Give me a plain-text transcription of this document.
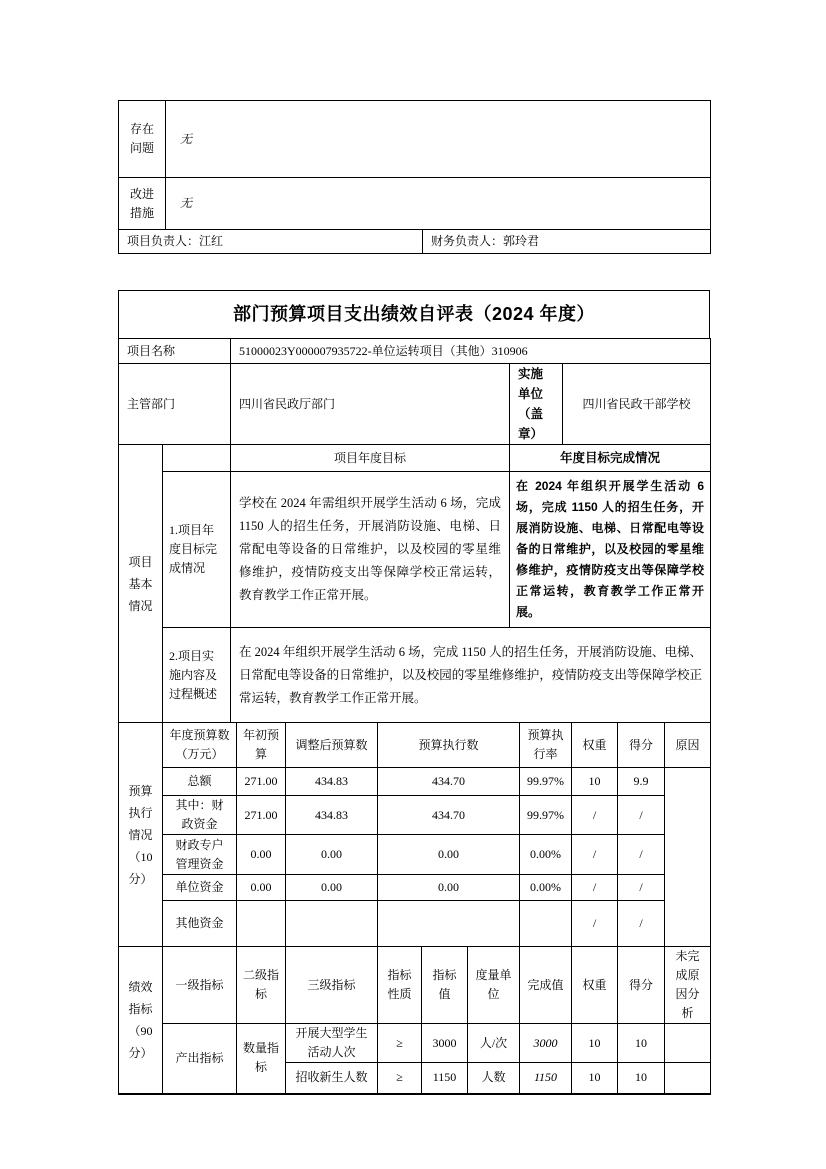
存在问题	无
改进措施	无
项目负责人：江红	财务负责人：郭玲君
部门预算项目支出绩效自评表（2024 年度）
项目名称	51000023Y000007935722-单位运转项目（其他）310906
主管部门	四川省民政厅部门	实施单位（盖章）	四川省民政干部学校
项目基本情况		项目年度目标	年度目标完成情况
	1.项目年度目标完成情况	学校在 2024 年需组织开展学生活动 6 场，完成 1150 人的招生任务，开展消防设施、电梯、日常配电等设备的日常维护，以及校园的零星维修维护，疫情防疫支出等保障学校正常运转，教育教学工作正常开展。	在 2024 年组织开展学生活动 6 场，完成 1150 人的招生任务，开展消防设施、电梯、日常配电等设备的日常维护，以及校园的零星维修维护，疫情防疫支出等保障学校正常运转，教育教学工作正常开展。
	2.项目实施内容及过程概述	在 2024 年组织开展学生活动 6 场，完成 1150 人的招生任务，开展消防设施、电梯、日常配电等设备的日常维护，以及校园的零星维修维护，疫情防疫支出等保障学校正常运转，教育教学工作正常开展。	
预算执行情况（10分）	年度预算数（万元）	年初预算	调整后预算数	预算执行数	预算执行率	权重	得分	原因
	总额	271.00	434.83	434.70	99.97%	10	9.9	
	其中：财政资金	271.00	434.83	434.70	99.97%	/	/	
	财政专户管理资金	0.00	0.00	0.00	0.00%	/	/	
	单位资金	0.00	0.00	0.00	0.00%	/	/	
	其他资金					/	/	
绩效指标（90分）	一级指标	二级指标	三级指标	指标性质	指标值	度量单位	完成值	权重	得分	未完成原因分析
	产出指标	数量指标	开展大型学生活动人次	≥	3000	人/次	3000	10	10	
			招收新生人数	≥	1150	人数	1150	10	10	
